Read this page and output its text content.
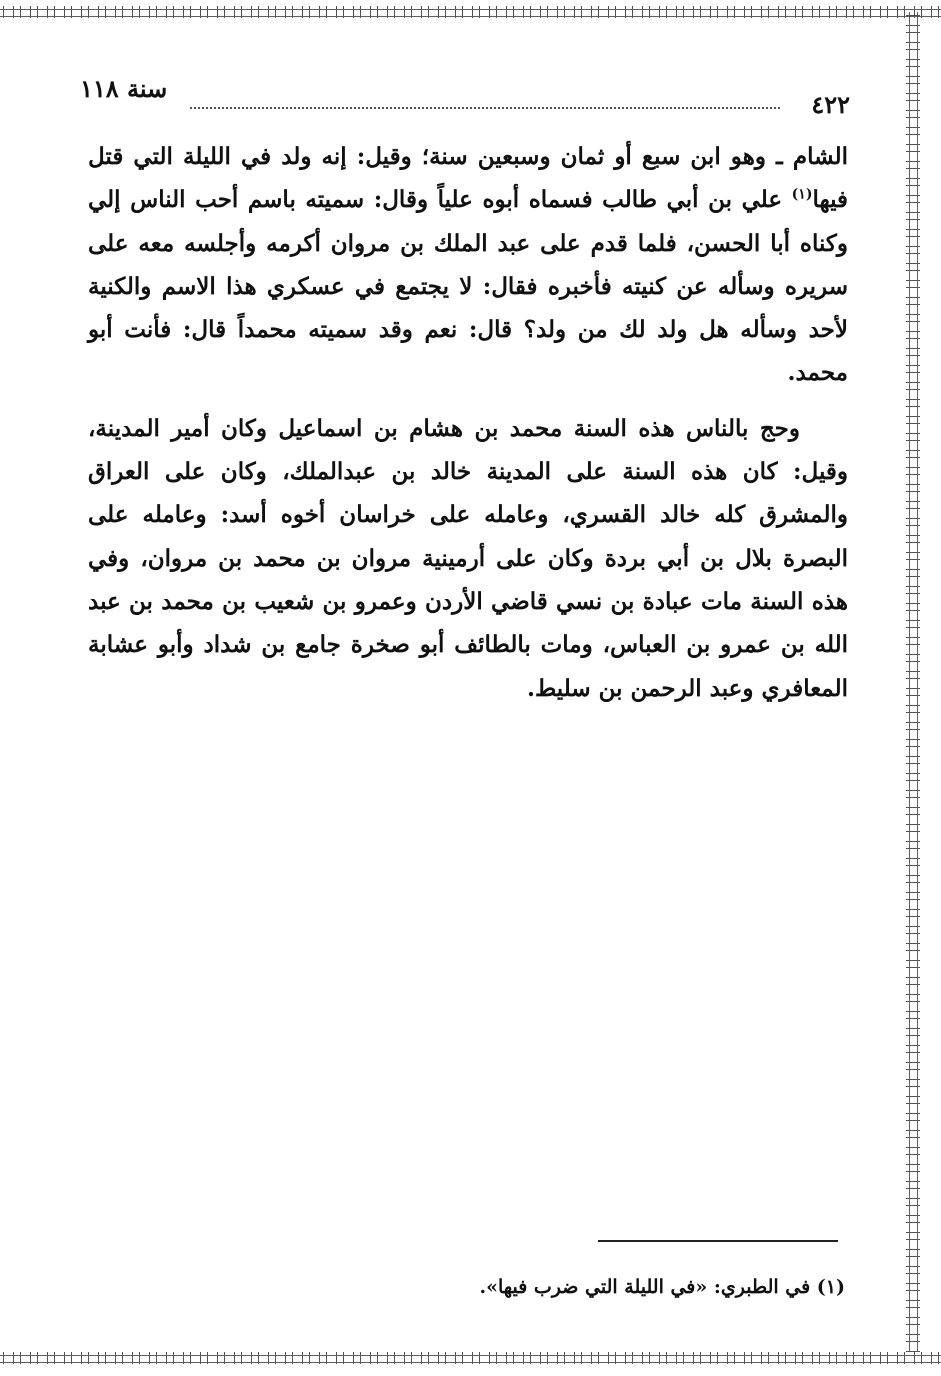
٤٢٢
سنة ١١٨

الشام ـ وهو ابن سبع أو ثمان وسبعين سنة؛ وقيل: إنه ولد في الليلة التي قتل فيها$^{(١)}$ علي بن أبي طالب فسماه أبوه علياً وقال: سميته باسم أحب الناس إلي وكناه أبا الحسن، فلما قدم على عبد الملك بن مروان أكرمه وأجلسه معه على سريره وسأله عن كنيته فأخبره فقال: لا يجتمع في عسكري هذا الاسم والكنية لأحد وسأله هل ولد لك من ولد؟ قال: نعم وقد سميته محمداً قال: فأنت أبو محمد.

وحج بالناس هذه السنة محمد بن هشام بن اسماعيل وكان أمير المدينة، وقيل: كان هذه السنة على المدينة خالد بن عبدالملك، وكان على العراق والمشرق كله خالد القسري، وعامله على خراسان أخوه أسد: وعامله على البصرة بلال بن أبي بردة وكان على أرمينية مروان بن محمد بن مروان، وفي هذه السنة مات عبادة بن نسي قاضي الأردن وعمرو بن شعيب بن محمد بن عبد الله بن عمرو بن العباس، ومات بالطائف أبو صخرة جامع بن شداد وأبو عشابة المعافري وعبد الرحمن بن سليط.

(١) في الطبري: «في الليلة التي ضرب فيها».
